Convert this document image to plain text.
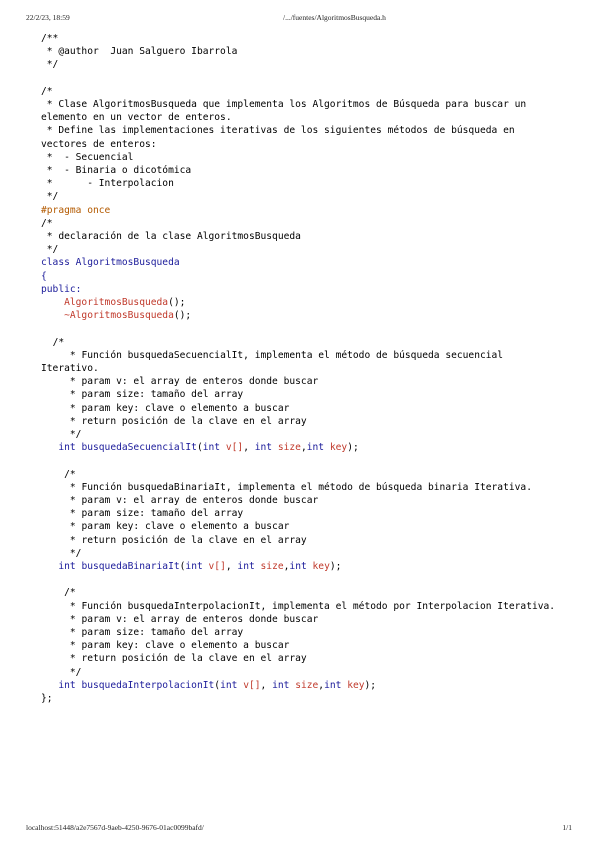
22/2/23, 18:59	/.../fuentes/AlgoritmosBusqueda.h
/**
* @author  Juan Salguero Ibarrola
*/
/*
* Clase AlgoritmosBusqueda que implementa los Algoritmos de Búsqueda para buscar un elemento en un vector de enteros.
* Define las implementaciones iterativas de los siguientes métodos de búsqueda en vectores de enteros:
*  - Secuencial
*  - Binaria o dicotómica
*      - Interpolacion
*/
#pragma once
/*
* declaración de la clase AlgoritmosBusqueda
*/
class AlgoritmosBusqueda
{
public:
AlgoritmosBusqueda();
~AlgoritmosBusqueda();
/*
* Función busquedaSecuencialIt, implementa el método de búsqueda secuencial Iterativo.
* param v: el array de enteros donde buscar
* param size: tamaño del array
* param key: clave o elemento a buscar
* return posición de la clave en el array
*/
int busquedaSecuencialIt(int v[], int size,int key);
/*
* Función busquedaBinariaIt, implementa el método de búsqueda binaria Iterativa.
* param v: el array de enteros donde buscar
* param size: tamaño del array
* param key: clave o elemento a buscar
* return posición de la clave en el array
*/
int busquedaBinariaIt(int v[], int size,int key);
/*
* Función busquedaInterpolacionIt, implementa el método por Interpolacion Iterativa.
* param v: el array de enteros donde buscar
* param size: tamaño del array
* param key: clave o elemento a buscar
* return posición de la clave en el array
*/
int busquedaInterpolacionIt(int v[], int size,int key);
};
localhost:51448/a2e7567d-9aeb-4250-9676-01ac0099bafd/	1/1
